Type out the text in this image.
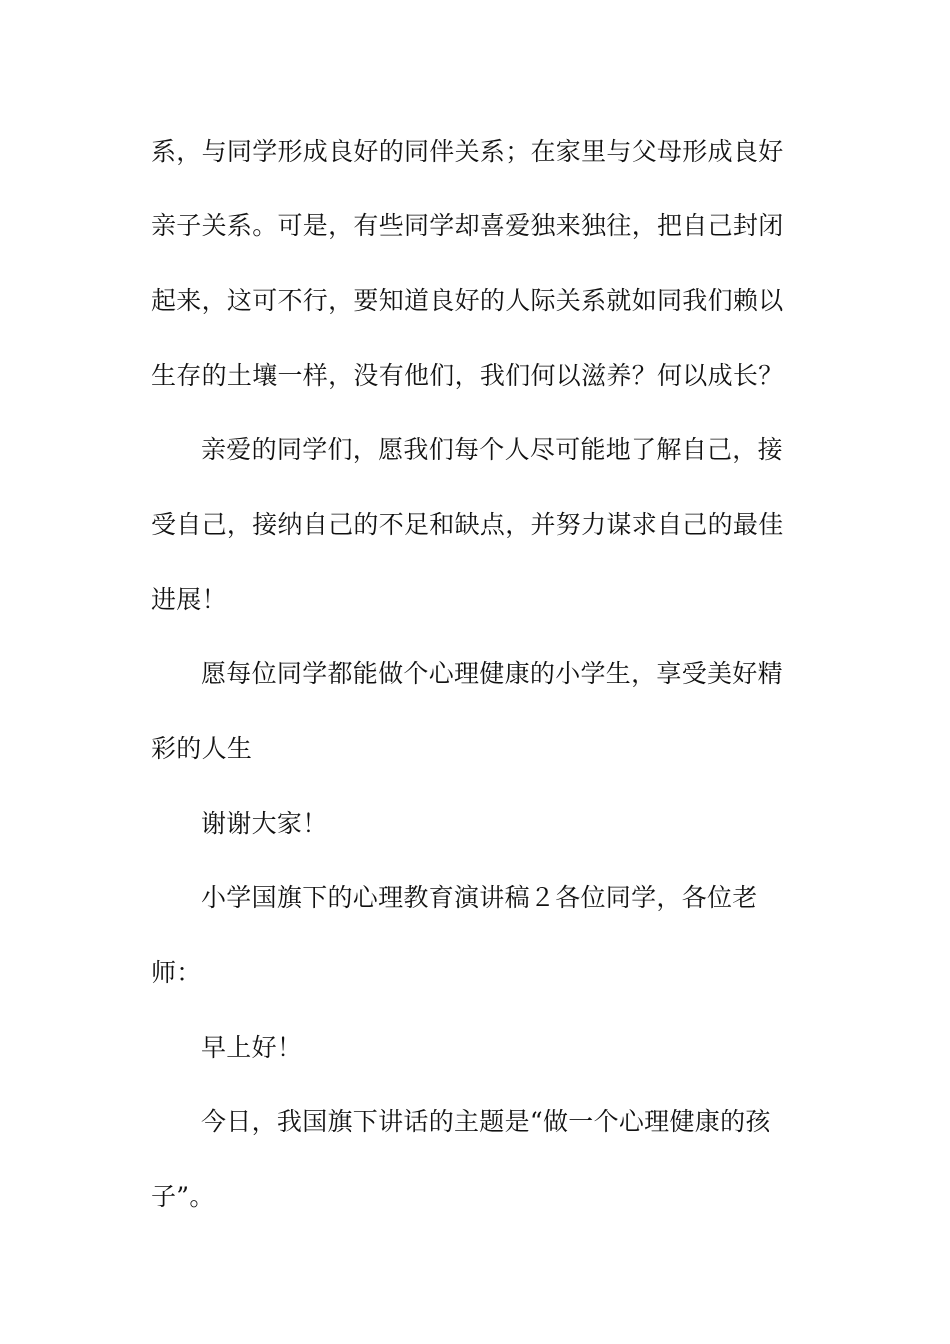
系，与同学形成良好的同伴关系；在家里与父母形成良好
亲子关系。可是，有些同学却喜爱独来独往，把自己封闭
起来，这可不行，要知道良好的人际关系就如同我们赖以
生存的土壤一样，没有他们，我们何以滋养？何以成长？
亲爱的同学们，愿我们每个人尽可能地了解自己，接
受自己，接纳自己的不足和缺点，并努力谋求自己的最佳
进展！
愿每位同学都能做个心理健康的小学生，享受美好精
彩的人生
谢谢大家！
小学国旗下的心理教育演讲稿２各位同学，各位老
师：
早上好！
今日，我国旗下讲话的主题是“做一个心理健康的孩
子”。
